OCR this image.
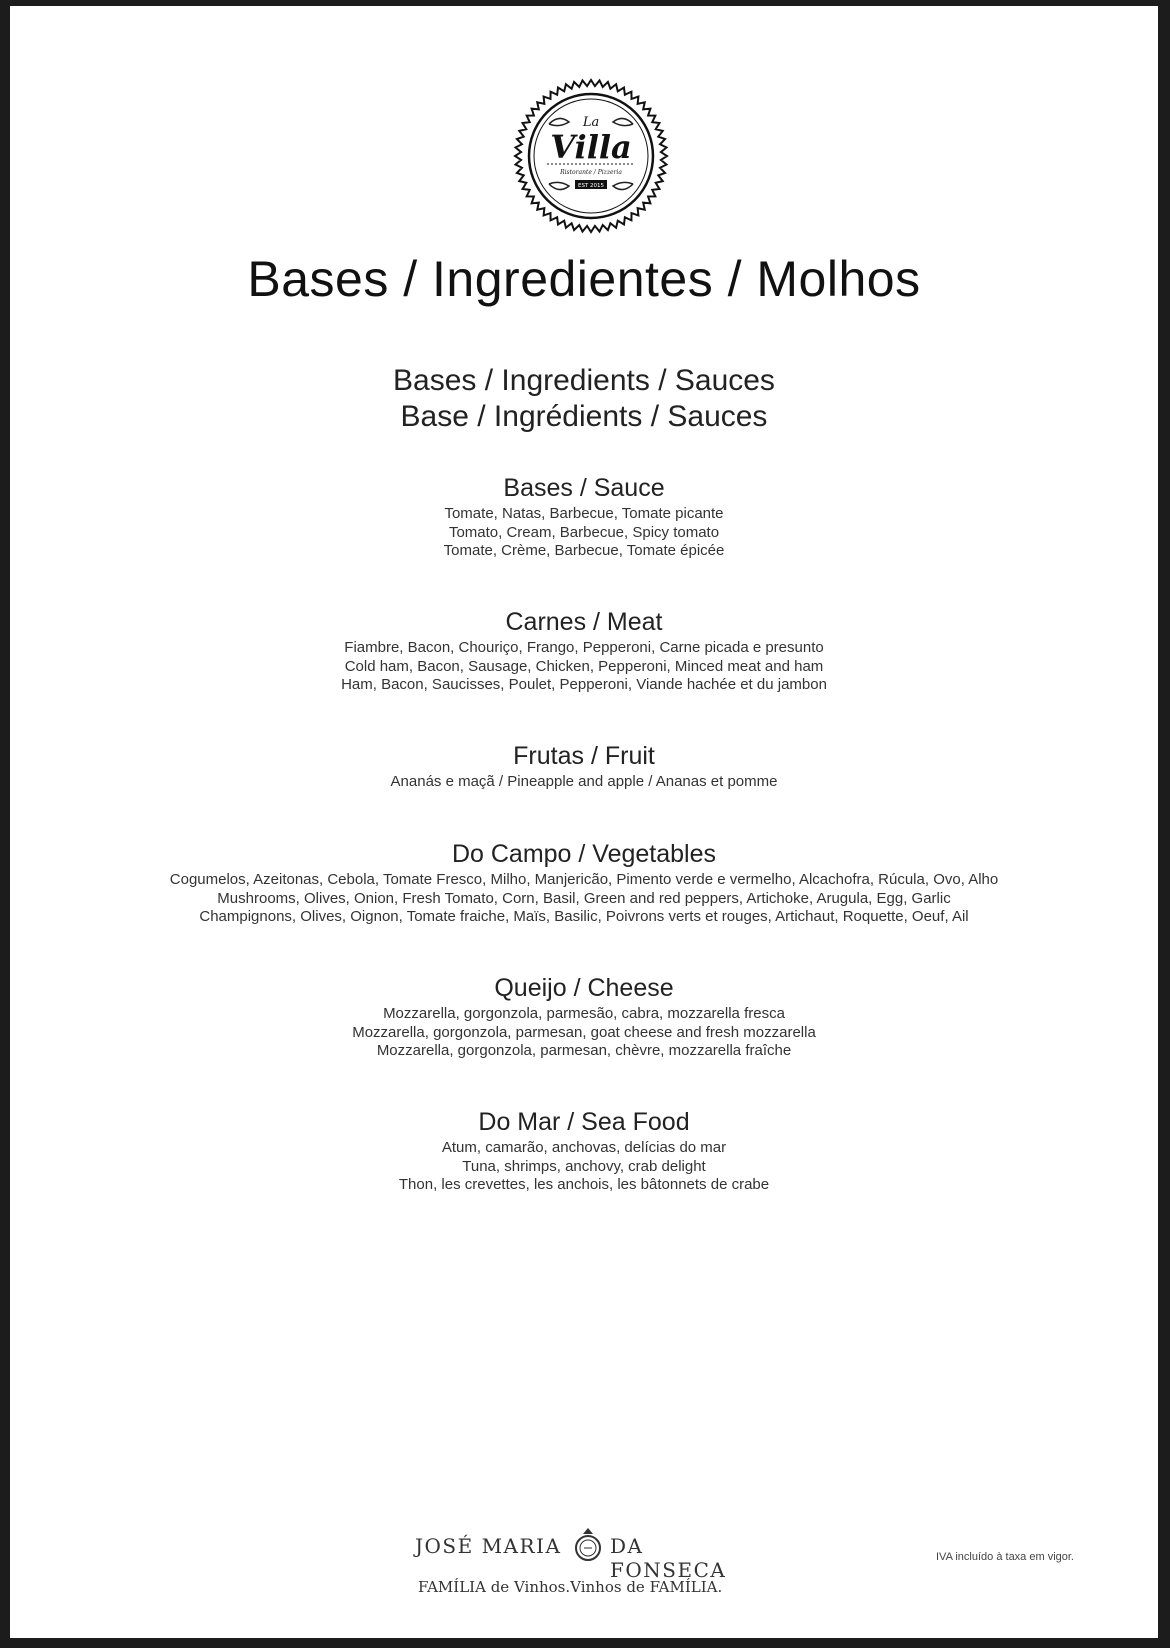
La
Villa
Ristorante / Pizzeria
EST 2015
Bases / Ingredientes / Molhos
Bases / Ingredients / Sauces
Base / Ingrédients / Sauces
Bases / Sauce
Tomate, Natas, Barbecue, Tomate picante
Tomato, Cream, Barbecue, Spicy tomato
Tomate, Crème, Barbecue, Tomate épicée
Carnes / Meat
Fiambre, Bacon, Chouriço, Frango, Pepperoni, Carne picada e presunto
Cold ham, Bacon, Sausage, Chicken, Pepperoni, Minced meat and ham
Ham, Bacon, Saucisses, Poulet, Pepperoni, Viande hachée et du jambon
Frutas / Fruit
Ananás e maçã / Pineapple and apple / Ananas et pomme
Do Campo / Vegetables
Cogumelos, Azeitonas, Cebola, Tomate Fresco, Milho, Manjericão, Pimento verde e vermelho, Alcachofra, Rúcula, Ovo, Alho
Mushrooms, Olives, Onion, Fresh Tomato, Corn, Basil, Green and red peppers, Artichoke, Arugula, Egg, Garlic
Champignons, Olives, Oignon, Tomate fraiche, Maïs, Basilic, Poivrons verts et rouges, Artichaut, Roquette, Oeuf, Ail
Queijo / Cheese
Mozzarella, gorgonzola, parmesão, cabra, mozzarella fresca
Mozzarella, gorgonzola, parmesan, goat cheese and fresh mozzarella
Mozzarella, gorgonzola, parmesan, chèvre, mozzarella fraîche
Do Mar / Sea Food
Atum, camarão, anchovas, delícias do mar
Tuna, shrimps, anchovy, crab delight
Thon, les crevettes, les anchois, les bâtonnets de crabe
JOSÉ MARIA DA FONSECA
FAMÍLIA de Vinhos.Vinhos de FAMÍLIA.
IVA incluído à taxa em vigor.
